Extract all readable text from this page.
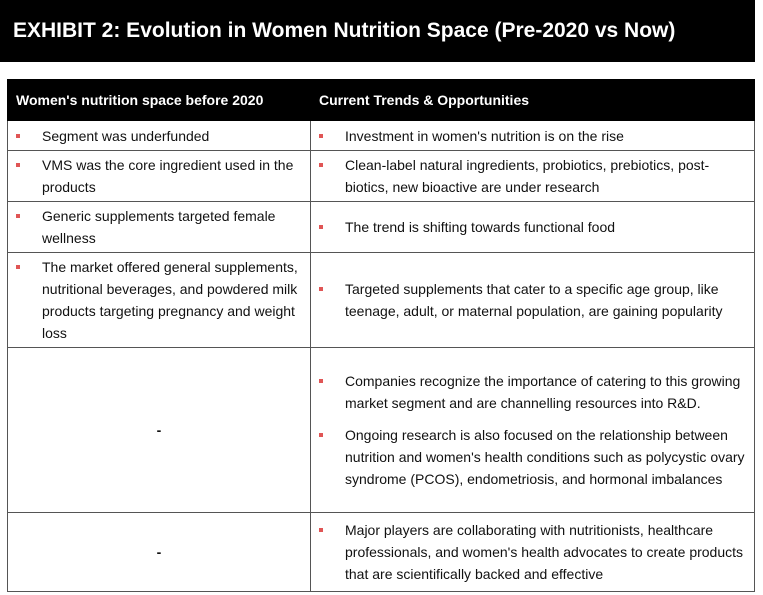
EXHIBIT 2: Evolution in Women Nutrition Space (Pre-2020 vs Now)
Women's nutrition space before 2020	Current Trends & Opportunities

Segment was underfunded	Investment in women's nutrition is on the rise

VMS was the core ingredient used in the products	Clean-label natural ingredients, probiotics, prebiotics, post-biotics, new bioactive are under research

Generic supplements targeted female wellness	The trend is shifting towards functional food

The market offered general supplements, nutritional beverages, and powdered milk products targeting pregnancy and weight loss	Targeted supplements that cater to a specific age group, like teenage, adult, or maternal population, are gaining popularity

-	Companies recognize the importance of catering to this growing market segment and are channelling resources into R&D.
Ongoing research is also focused on the relationship between nutrition and women's health conditions such as polycystic ovary syndrome (PCOS), endometriosis, and hormonal imbalances

-	Major players are collaborating with nutritionists, healthcare professionals, and women's health advocates to create products that are scientifically backed and effective
